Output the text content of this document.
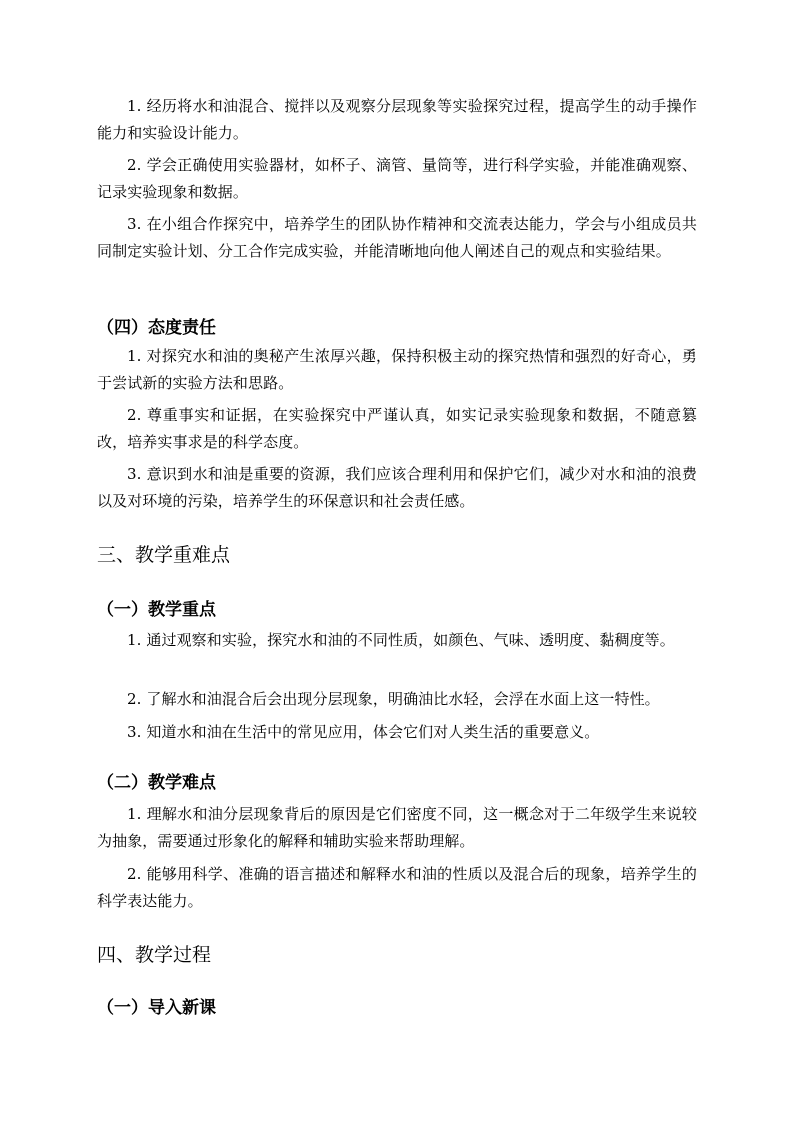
1. 经历将水和油混合、搅拌以及观察分层现象等实验探究过程，提高学生的动手操作能力和实验设计能力。

2. 学会正确使用实验器材，如杯子、滴管、量筒等，进行科学实验，并能准确观察、记录实验现象和数据。

3. 在小组合作探究中，培养学生的团队协作精神和交流表达能力，学会与小组成员共同制定实验计划、分工合作完成实验，并能清晰地向他人阐述自己的观点和实验结果。

（四）态度责任

1. 对探究水和油的奥秘产生浓厚兴趣，保持积极主动的探究热情和强烈的好奇心，勇于尝试新的实验方法和思路。

2. 尊重事实和证据，在实验探究中严谨认真，如实记录实验现象和数据，不随意篡改，培养实事求是的科学态度。

3. 意识到水和油是重要的资源，我们应该合理利用和保护它们，减少对水和油的浪费以及对环境的污染，培养学生的环保意识和社会责任感。

三、教学重难点
（一）教学重点

1. 通过观察和实验，探究水和油的不同性质，如颜色、气味、透明度、黏稠度等。

2. 了解水和油混合后会出现分层现象，明确油比水轻，会浮在水面上这一特性。

3. 知道水和油在生活中的常见应用，体会它们对人类生活的重要意义。

（二）教学难点

1. 理解水和油分层现象背后的原因是它们密度不同，这一概念对于二年级学生来说较为抽象，需要通过形象化的解释和辅助实验来帮助理解。

2. 能够用科学、准确的语言描述和解释水和油的性质以及混合后的现象，培养学生的科学表达能力。

四、教学过程
（一）导入新课
